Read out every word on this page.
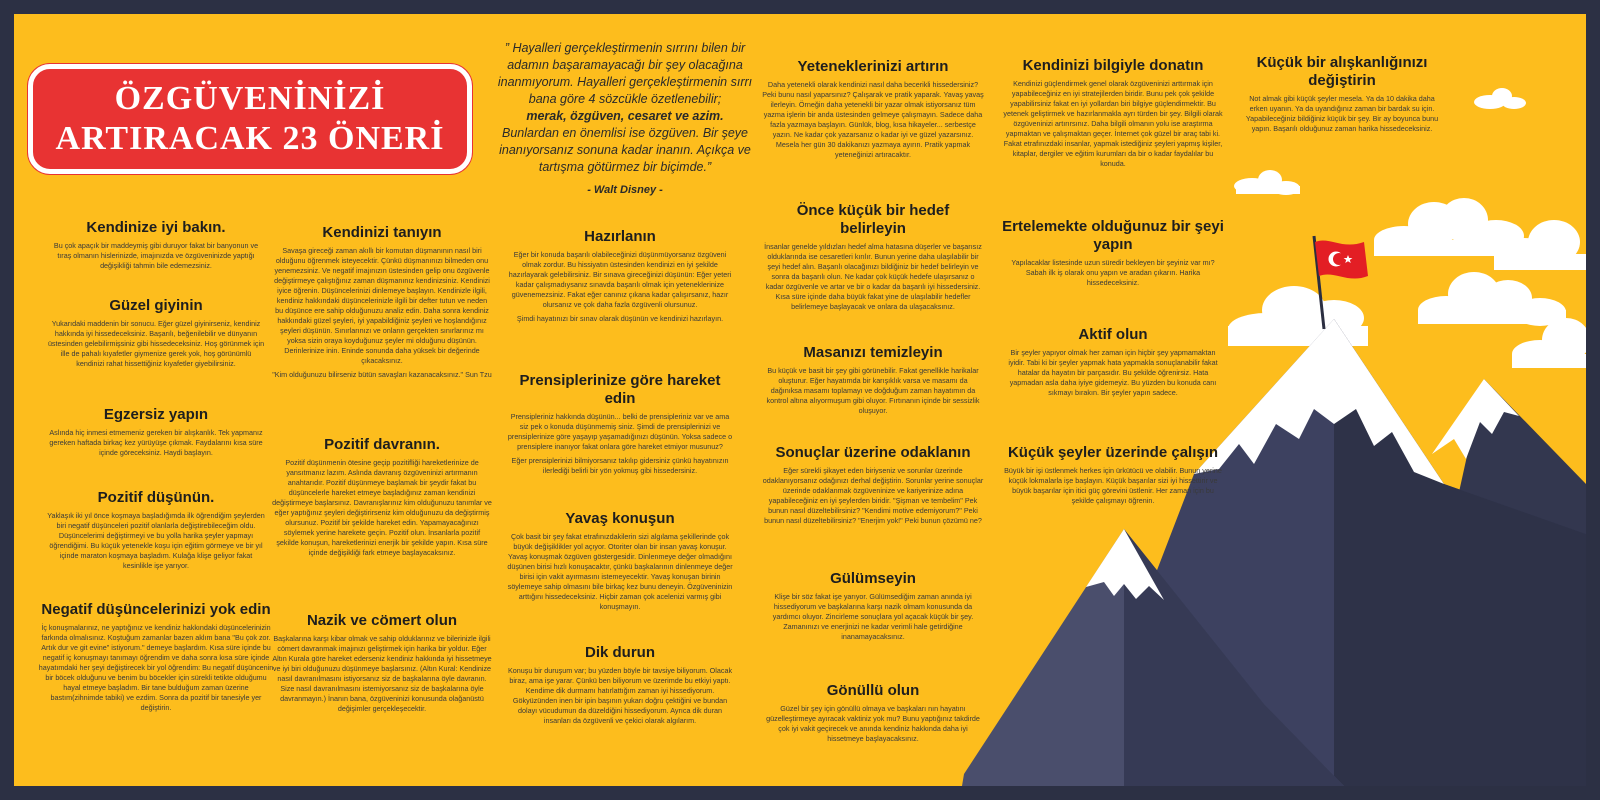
ÖZGÜVENİNİZİ
ARTIRACAK 23 ÖNERİ

” Hayalleri gerçekleştirmenin sırrını bilen bir adamın başaramayacağı bir şey olacağına inanmıyorum. Hayalleri gerçekleştirmenin sırrı bana göre 4 sözcükle özetlenebilir;

merak, özgüven, cesaret ve azim.

Bunlardan en önemlisi ise özgüven. Bir şeye inanıyorsanız sonuna kadar inanın. Açıkça ve tartışma götürmez bir biçimde.”

- Walt Disney -

Kendinize iyi bakın.

Bu çok apaçık bir maddeymiş gibi duruyor fakat bir banyonun ve tıraş olmanın hislerinizde, imajınızda ve özgüveninizde yaptığı değişikliği tahmin bile edemezsiniz.

Güzel giyinin

Yukarıdaki maddenin bir sonucu. Eğer güzel giyinirseniz, kendiniz hakkında iyi hissedeceksiniz. Başarılı, beğenilebilir ve dünyanın üstesinden gelebilirmişsiniz gibi hissedeceksiniz. Hoş görünmek için ille de pahalı kıyafetler giymenize gerek yok, hoş görünümlü kendinizi rahat hissettiğiniz kıyafetler giyebilirsiniz.

Egzersiz yapın

Aslında hiç inmesi etmemeniz gereken bir alışkanlık. Tek yapmanız gereken haftada birkaç kez yürüyüşe çıkmak. Faydalarını kısa süre içinde göreceksiniz. Haydi başlayın.

Pozitif düşünün.

Yaklaşık iki yıl önce koşmaya başladığımda ilk öğrendiğim şeylerden biri negatif düşünceleri pozitif olanlarla değiştirebileceğim oldu. Düşüncelerimi değiştirmeyi ve bu yolla harika şeyler yapmayı öğrendiğimi. Bu küçük yetenekle koşu için eğitim görmeye ve bir yıl içinde maraton koşmaya başladım. Kulağa klişe geliyor fakat kesinlikle işe yarıyor.

Negatif düşüncelerinizi yok edin

İç konuşmalarınız, ne yaptığınız ve kendiniz hakkındaki düşüncelerinizin farkında olmalısınız. Koştuğum zamanlar bazen aklım bana "Bu çok zor. Artık dur ve git evine" istiyorum." demeye başlardım. Kısa süre içinde bu negatif iç konuşmayı tanımayı öğrendim ve daha sonra kısa süre içinde hayatımdaki her şeyi değiştirecek bir yol öğrendim: Bu negatif düşüncenin bir böcek olduğunu ve benim bu böcekler için sürekli tetikte olduğumu hayal etmeye başladım. Bir tane bulduğum zaman üzerine bastım(zihnimde tabiki) ve ezdim. Sonra da pozitif bir tanesiyle yer değiştirin.

Kendinizi tanıyın

Savaşa gireceği zaman akıllı bir komutan düşmanının nasıl biri olduğunu öğrenmek isteyecektir. Çünkü düşmanınızı bilmeden onu yenemezsiniz. Ve negatif imajınızın üstesinden gelip onu özgüvenle değiştirmeye çalıştığınız zaman düşmanınız kendinizsiniz. Kendinizi iyice öğrenin. Düşüncelerinizi dinlemeye başlayın. Kendinizle ilgili, kendiniz hakkındaki düşüncelerinizle ilgili bir defter tutun ve neden bu düşünce ere sahip olduğunuzu analiz edin. Daha sonra kendiniz hakkındaki güzel şeyleri, iyi yapabildiğiniz şeyleri ve hoşlandığınız şeyleri düşünün. Sınırlarınızı ve onların gerçekten sınırlarınız mı yoksa sizin oraya koyduğunuz şeyler mi olduğunu düşünün. Derinlerinize inin. Eninde sonunda daha yüksek bir değerinde çıkacaksınız.

"Kim olduğunuzu bilirseniz bütün savaşları kazanacaksınız." Sun Tzu

Pozitif davranın.

Pozitif düşünmenin ötesine geçip pozitifliği hareketlerinize de yansıtmanız lazım. Aslında davranış özgüveninizi artırmanın anahtarıdır. Pozitif düşünmeye başlamak bir şeydir fakat bu düşüncelerle hareket etmeye başladığınız zaman kendinizi değiştirmeye başlarsınız. Davranışlarınız kim olduğunuzu tanımlar ve eğer yaptığınız şeyleri değiştirirseniz kim olduğunuzu da değiştirmiş olursunuz. Pozitif bir şekilde hareket edin. Yapamayacağınızı söylemek yerine harekete geçin. Pozitif olun. İnsanlarla pozitif şekilde konuşun, hareketlerinizi enerjik bir şekilde yapın. Kısa süre içinde değişikliği fark etmeye başlayacaksınız.

Nazik ve cömert olun

Başkalarına karşı kibar olmak ve sahip olduklarınız ve bilerinizle ilgili cömert davranmak imajınızı geliştirmek için harika bir yoldur. Eğer Altın Kurala göre hareket ederseniz kendiniz hakkında iyi hissetmeye ve iyi biri olduğunuzu düşünmeye başlarsınız. (Altın Kural: Kendinize nasıl davranılmasını istiyorsanız siz de başkalarına öyle davranın. Size nasıl davranılmasını istemiyorsanız siz de başkalarına öyle davranmayın.) İnanın bana, özgüveninizi konusunda olağanüstü değişimler gerçekleşecektir.

Hazırlanın

Eğer bir konuda başarılı olabileceğinizi düşünmüyorsanız özgüveni olmak zordur. Bu hissiyatın üstesinden kendinizi en iyi şekilde hazırlayarak gelebilirsiniz. Bir sınava gireceğinizi düşünün: Eğer yeteri kadar çalışmadıysanız sınavda başarılı olmak için yeteneklerinize güvenemezsiniz. Fakat eğer canınız çıkana kadar çalışırsanız, hazır olursanız ve çok daha fazla özgüvenli olursunuz.

Şimdi hayatınızı bir sınav olarak düşünün ve kendinizi hazırlayın.

Prensiplerinize göre hareket edin

Prensipleriniz hakkında düşünün... belki de prensipleriniz var ve ama siz pek o konuda düşünmemiş siniz. Şimdi de prensiplerinizi ve prensiplerinize göre yaşayıp yaşamadığınızı düşünün. Yoksa sadece o prensiplere inanıyor fakat onlara göre hareket etmiyor musunuz?

Eğer prensiplerinizi bilmiyorsanız takılıp gidersiniz çünkü hayatınızın ilerlediği belirli bir yön yokmuş gibi hissedersiniz.

Yavaş konuşun

Çok basit bir şey fakat etrafınızdakilerin sizi algılama şekillerinde çok büyük değişiklikler yol açıyor. Otoriter olan bir insan yavaş konuşur. Yavaş konuşmak özgüven göstergesidir. Dinlenmeye değer olmadığını düşünen birisi hızlı konuşacaktır, çünkü başkalarının dinlenmeye değer birisi için vakit ayırmasını istemeyecektir. Yavaş konuşan birinin söylemeye sahip olmasını bile birkaç kez bunu deneyin. Özgüveninizin arttığını hissedeceksiniz. Hiçbir zaman çok acelenizi varmış gibi konuşmayın.

Dik durun

Konuşu bir duruşum var; bu yüzden böyle bir tavsiye biliyorum. Olacak biraz, ama işe yarar. Çünkü ben biliyorum ve üzerimde bu etkiyi yaptı. Kendime dik durmamı hatırlattığım zaman iyi hissediyorum. Gökyüzünden inen bir ipin başının yukarı doğru çektiğini ve bundan dolayı vücudumun da düzeldiğini hissediyorum. Ayrıca dik duran insanları da özgüvenli ve çekici olarak algılarım.

Yeteneklerinizi artırın

Daha yetenekli olarak kendinizi nasıl daha becerikli hissedersiniz? Peki bunu nasıl yaparsınız? Çalışarak ve pratik yaparak. Yavaş yavaş ilerleyin. Örneğin daha yetenekli bir yazar olmak istiyorsanız tüm yazma işlerin bir anda üstesinden gelmeye çalışmayın. Sadece daha fazla yazmaya başlayın. Günlük, blog, kısa hikayeler... serbestçe yazın. Ne kadar çok yazarsanız o kadar iyi ve güzel yazarsınız. Mesela her gün 30 dakikanızı yazmaya ayırın. Pratik yapmak yeteneğinizi artıracaktır.

Önce küçük bir hedef belirleyin

İnsanlar genelde yıldızları hedef alma hatasına düşerler ve başarısız olduklarında ise cesaretleri kırılır. Bunun yerine daha ulaşılabilir bir şeyi hedef alın. Başarılı olacağınızı bildiğiniz bir hedef belirleyin ve sonra da başarılı olun. Ne kadar çok küçük hedefe ulaşırsanız o kadar özgüvenle ve artar ve bir o kadar da başarılı iyi hissedersiniz. Kısa süre içinde daha büyük fakat yine de ulaşılabilir hedefler belirlemeye başlayacak ve onlara da ulaşacaksınız.

Masanızı temizleyin

Bu küçük ve basit bir şey gibi görünebilir. Fakat genellikle harikalar oluşturur. Eğer hayatımda bir karışıklık varsa ve masamı da dağınıksa masamı toplamayı ve doğduğum zaman hayatımın da kontrol altına alıyormuşum gibi oluyor. Fırtınanın içinde bir sessizlik oluşuyor.

Sonuçlar üzerine odaklanın

Eğer sürekli şikayet eden biriyseniz ve sorunlar üzerinde odaklanıyorsanız odağınızı derhal değiştirin. Sorunlar yerine sonuçlar üzerinde odaklanmak özgüveninize ve kariyerinize adına yapabileceğiniz en iyi şeylerden biridir. "Şişman ve tembelim" Pek bunun nasıl düzeltebilirsiniz? "Kendimi motive edemiyorum?" Peki bunun nasıl düzeltebilirsiniz? "Enerjim yok!" Peki bunun çözümü ne?

Gülümseyin

Klişe bir söz fakat işe yarıyor. Gülümsediğim zaman anında iyi hissediyorum ve başkalarına karşı nazik olmam konusunda da yardımcı oluyor. Zincirleme sonuçlara yol açacak küçük bir şey. Zamanınızı ve enerjinizi ne kadar verimli hale getirdiğine inanamayacaksınız.

Gönüllü olun

Güzel bir şey için gönüllü olmaya ve başkaları nın hayatını güzelleştirmeye ayıracak vaktiniz yok mu? Bunu yaptığınız takdirde çok iyi vakit geçirecek ve anında kendiniz hakkında daha iyi hissetmeye başlayacaksınız.

Kendinizi bilgiyle donatın

Kendinizi güçlendirmek genel olarak özgüveninizi arttırmak için yapabileceğiniz en iyi stratejilerden biridir. Bunu pek çok şekilde yapabilirsiniz fakat en iyi yollardan biri bilgiye güçlendirmektir. Bu yetenek geliştirmek ve hazırlanmakla ayrı türden bir şey. Bilgili olarak özgüveninizi artırırsınız. Daha bilgili olmanın yolu ise araştırma yapmaktan ve çalışmaktan geçer. İnternet çok güzel bir araç tabi ki. Fakat etrafınızdaki insanlar, yapmak istediğiniz şeyleri yapmış kişiler, kitaplar, dergiler ve eğitim kurumları da bir o kadar faydalılar bu konuda.

Ertelemekte olduğunuz bir şeyi yapın

Yapılacaklar listesinde uzun süredir bekleyen bir şeyiniz var mı? Sabah ilk iş olarak onu yapın ve aradan çıkarın. Harika hissedeceksiniz.

Aktif olun

Bir şeyler yapıyor olmak her zaman için hiçbir şey yapmamaktan iyidir. Tabi ki bir şeyler yapmak hata yapmakla sonuçlanabilir fakat hatalar da hayatın bir parçasıdır. Bu şekilde öğrenirsiz. Hata yapmadan asla daha iyiye gidemeyiz. Bu yüzden bu konuda canı sıkmayı bırakın. Bir şeyler yapın sadece.

Küçük şeyler üzerinde çalışın

Büyük bir işi üstlenmek herkes için ürkütücü ve olabilir. Bunun yerine küçük lokmalarla işe başlayın. Küçük başarılar sizi iyi hissettirir ve büyük başarılar için itici güç görevini üstlenir. Her zaman için bu şekilde çalışmayı öğrenin.

Küçük bir alışkanlığınızı değiştirin

Not almak gibi küçük şeyler mesela. Ya da 10 dakika daha erken uyanın. Ya da uyandığınız zaman bir bardak su için. Yapabileceğiniz bildiğiniz küçük bir şey. Bir ay boyunca bunu yapın. Başarılı olduğunuz zaman harika hissedeceksiniz.
